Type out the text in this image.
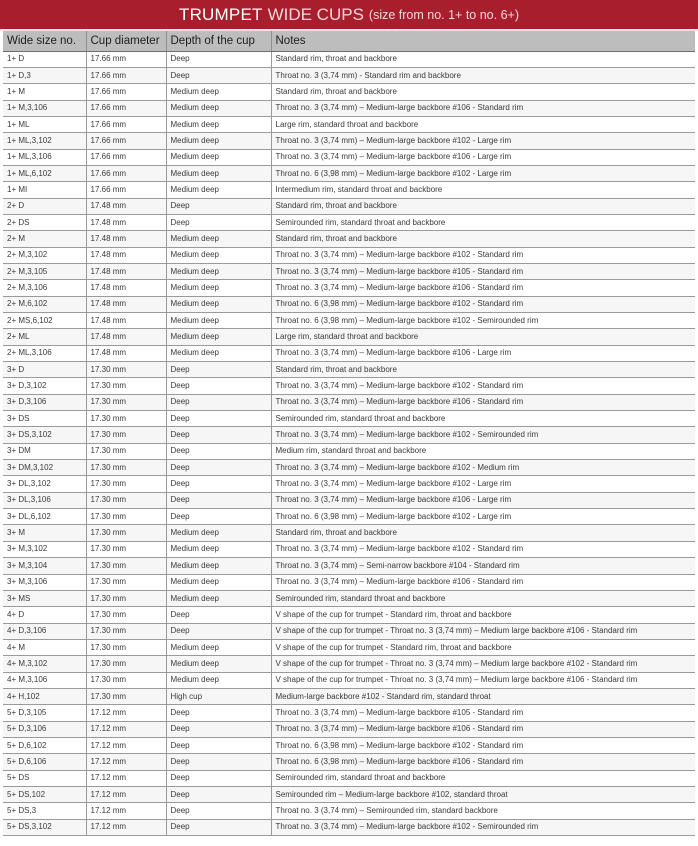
TRUMPET WIDE CUPS (size from no. 1+ to no. 6+)
Wide size no.	Cup diameter	Depth of the cup	Notes
1+ D	17.66 mm	Deep	Standard rim, throat and backbore
1+ D,3	17.66 mm	Deep	Throat no. 3 (3,74 mm) - Standard rim and backbore
1+ M	17.66 mm	Medium deep	Standard rim, throat and backbore
1+ M,3,106	17.66 mm	Medium deep	Throat no. 3 (3,74 mm) – Medium-large backbore #106 - Standard rim
1+ ML	17.66 mm	Medium deep	Large rim, standard throat and backbore
1+ ML,3,102	17.66 mm	Medium deep	Throat no. 3 (3,74 mm) – Medium-large backbore #102 - Large rim
1+ ML,3,106	17.66 mm	Medium deep	Throat no. 3 (3,74 mm) – Medium-large backbore #106 - Large rim
1+ ML,6,102	17.66 mm	Medium deep	Throat no. 6 (3,98 mm) – Medium-large backbore #102 - Large rim
1+ MI	17.66 mm	Medium deep	Intermedium rim, standard throat and backbore
2+ D	17.48 mm	Deep	Standard rim, throat and backbore
2+ DS	17.48 mm	Deep	Semirounded rim, standard throat and backbore
2+ M	17.48 mm	Medium deep	Standard rim, throat and backbore
2+ M,3,102	17.48 mm	Medium deep	Throat no. 3 (3,74 mm) – Medium-large backbore #102 - Standard rim
2+ M,3,105	17.48 mm	Medium deep	Throat no. 3 (3,74 mm) – Medium-large backbore #105 - Standard rim
2+ M,3,106	17.48 mm	Medium deep	Throat no. 3 (3,74 mm) – Medium-large backbore #106 - Standard rim
2+ M,6,102	17.48 mm	Medium deep	Throat no. 6 (3,98 mm) – Medium-large backbore #102 - Standard rim
2+ MS,6,102	17.48 mm	Medium deep	Throat no. 6 (3,98 mm) – Medium-large backbore #102 - Semirounded rim
2+ ML	17.48 mm	Medium deep	Large rim, standard throat and backbore
2+ ML,3,106	17.48 mm	Medium deep	Throat no. 3 (3,74 mm) – Medium-large backbore #106 - Large rim
3+ D	17.30 mm	Deep	Standard rim, throat and backbore
3+ D,3,102	17.30 mm	Deep	Throat no. 3 (3,74 mm) – Medium-large backbore #102 - Standard rim
3+ D,3,106	17.30 mm	Deep	Throat no. 3 (3,74 mm) – Medium-large backbore #106 - Standard rim
3+ DS	17.30 mm	Deep	Semirounded rim, standard throat and backbore
3+ DS,3,102	17.30 mm	Deep	Throat no. 3 (3,74 mm) – Medium-large backbore #102 - Semirounded rim
3+ DM	17.30 mm	Deep	Medium rim, standard throat and backbore
3+ DM,3,102	17.30 mm	Deep	Throat no. 3 (3,74 mm) – Medium-large backbore #102 - Medium rim
3+ DL,3,102	17.30 mm	Deep	Throat no. 3 (3,74 mm) – Medium-large backbore #102 - Large rim
3+ DL,3,106	17.30 mm	Deep	Throat no. 3 (3,74 mm) – Medium-large backbore #106 - Large rim
3+ DL,6,102	17.30 mm	Deep	Throat no. 6 (3,98 mm) – Medium-large backbore #102 - Large rim
3+ M	17.30 mm	Medium deep	Standard rim, throat and backbore
3+ M,3,102	17.30 mm	Medium deep	Throat no. 3 (3,74 mm) – Medium-large backbore #102 - Standard rim
3+ M,3,104	17.30 mm	Medium deep	Throat no. 3 (3,74 mm) – Semi-narrow backbore #104 - Standard rim
3+ M,3,106	17.30 mm	Medium deep	Throat no. 3 (3,74 mm) – Medium-large backbore #106 - Standard rim
3+ MS	17.30 mm	Medium deep	Semirounded rim, standard throat and backbore
4+ D	17.30 mm	Deep	V shape of the cup for trumpet - Standard rim, throat and backbore
4+ D,3,106	17.30 mm	Deep	V shape of the cup for trumpet - Throat no. 3 (3,74 mm) – Medium large backbore #106 - Standard rim
4+ M	17.30 mm	Medium deep	V shape of the cup for trumpet - Standard rim, throat and backbore
4+ M,3,102	17.30 mm	Medium deep	V shape of the cup for trumpet - Throat no. 3 (3,74 mm) – Medium large backbore #102 - Standard rim
4+ M,3,106	17.30 mm	Medium deep	V shape of the cup for trumpet - Throat no. 3 (3,74 mm) – Medium large backbore #106 - Standard rim
4+ H,102	17.30 mm	High cup	Medium-large backbore #102 - Standard rim, standard throat
5+ D,3,105	17.12 mm	Deep	Throat no. 3 (3,74 mm) – Medium-large backbore #105 - Standard rim
5+ D,3,106	17.12 mm	Deep	Throat no. 3 (3,74 mm) – Medium-large backbore #106 - Standard rim
5+ D,6,102	17.12 mm	Deep	Throat no. 6 (3,98 mm) – Medium-large backbore #102 - Standard rim
5+ D,6,106	17.12 mm	Deep	Throat no. 6 (3,98 mm) – Medium-large backbore #106 - Standard rim
5+ DS	17.12 mm	Deep	Semirounded rim, standard throat and backbore
5+ DS,102	17.12 mm	Deep	Semirounded rim – Medium-large backbore #102, standard throat
5+ DS,3	17.12 mm	Deep	Throat no. 3 (3,74 mm) – Semirounded rim, standard backbore
5+ DS,3,102	17.12 mm	Deep	Throat no. 3 (3,74 mm) – Medium-large backbore #102 - Semirounded rim
